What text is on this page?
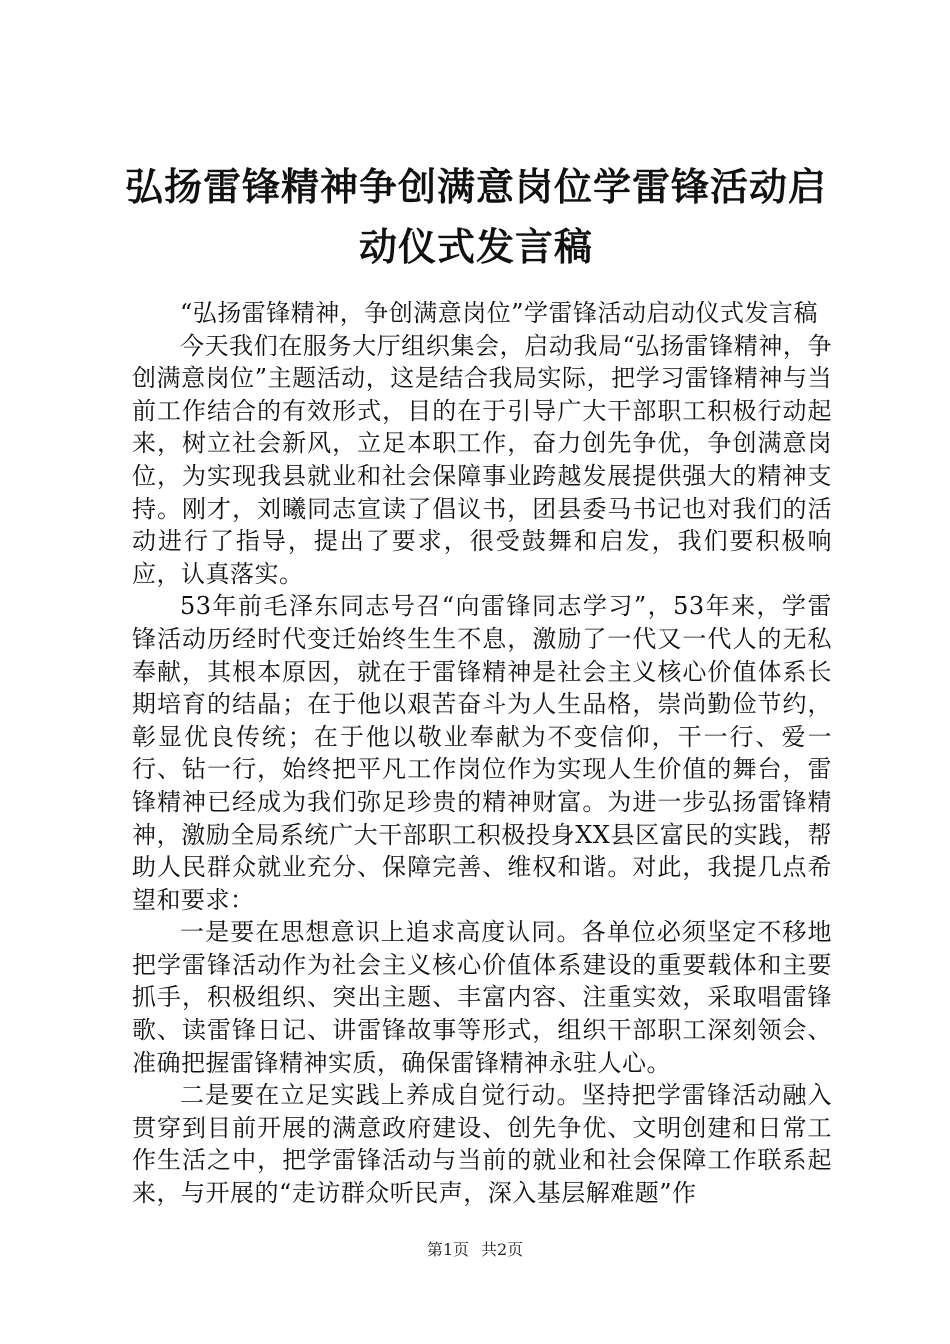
弘扬雷锋精神争创满意岗位学雷锋活动启动仪式发言稿

“弘扬雷锋精神，争创满意岗位”学雷锋活动启动仪式发言稿

今天我们在服务大厅组织集会，启动我局“弘扬雷锋精神，争创满意岗位”主题活动，这是结合我局实际，把学习雷锋精神与当前工作结合的有效形式，目的在于引导广大干部职工积极行动起来，树立社会新风，立足本职工作，奋力创先争优，争创满意岗位，为实现我县就业和社会保障事业跨越发展提供强大的精神支持。刚才，刘曦同志宣读了倡议书，团县委马书记也对我们的活动进行了指导，提出了要求，很受鼓舞和启发，我们要积极响应，认真落实。

53年前毛泽东同志号召“向雷锋同志学习”，53年来，学雷锋活动历经时代变迁始终生生不息，激励了一代又一代人的无私奉献，其根本原因，就在于雷锋精神是社会主义核心价值体系长期培育的结晶；在于他以艰苦奋斗为人生品格，崇尚勤俭节约，彰显优良传统；在于他以敬业奉献为不变信仰，干一行、爱一行、钻一行，始终把平凡工作岗位作为实现人生价值的舞台，雷锋精神已经成为我们弥足珍贵的精神财富。为进一步弘扬雷锋精神，激励全局系统广大干部职工积极投身XX县区富民的实践，帮助人民群众就业充分、保障完善、维权和谐。对此，我提几点希望和要求：

一是要在思想意识上追求高度认同。各单位必须坚定不移地把学雷锋活动作为社会主义核心价值体系建设的重要载体和主要抓手，积极组织、突出主题、丰富内容、注重实效，采取唱雷锋歌、读雷锋日记、讲雷锋故事等形式，组织干部职工深刻领会、准确把握雷锋精神实质，确保雷锋精神永驻人心。

二是要在立足实践上养成自觉行动。坚持把学雷锋活动融入贯穿到目前开展的满意政府建设、创先争优、文明创建和日常工作生活之中，把学雷锋活动与当前的就业和社会保障工作联系起来，与开展的“走访群众听民声，深入基层解难题”作

第1页 共2页
